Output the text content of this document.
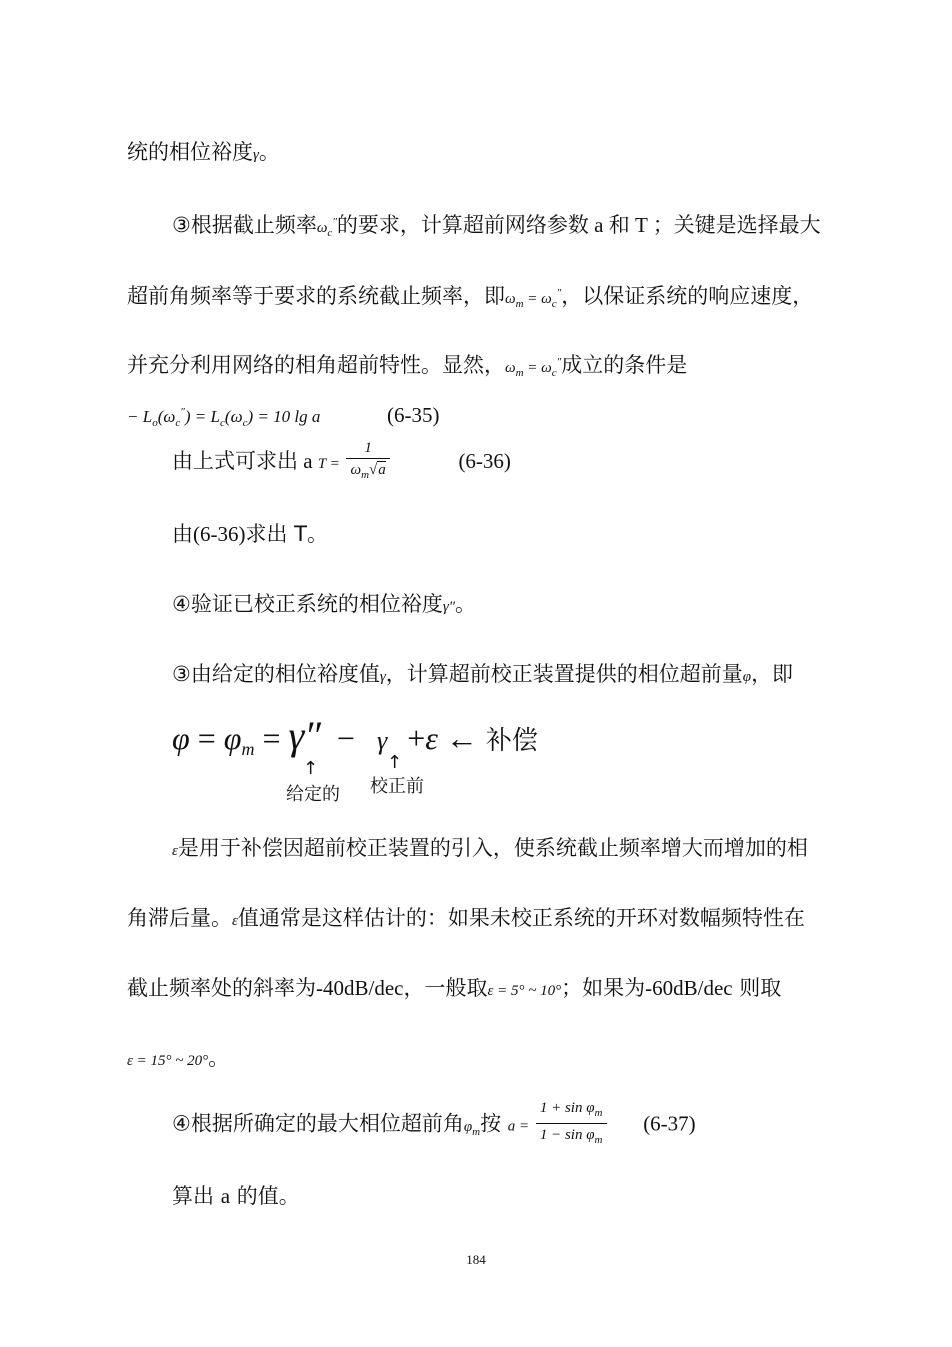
统的相位裕度γ。
③根据截止频率$\omega_c''$的要求，计算超前网络参数 a 和 T ；关键是选择最大
超前角频率等于要求的系统截止频率，即$\omega_m = \omega_c''$，以保证系统的响应速度，
并充分利用网络的相角超前特性。显然，$\omega_m = \omega_c''$成立的条件是
− $L_o(\omega_c'') = L_c(\omega_c) = 10$ lg a	(6-35)
由上式可求出 a $T = \frac{1}{\omega_m√a}$	(6-36)
由(6-36)求出 T。
④验证已校正系统的相位裕度γ″。
③由给定的相位裕度值γ，计算超前校正装置提供的相位超前量φ，即
φ = φm = γ″ − γ +ε ← 补偿
↑	↑
给定的 校正前
ε是用于补偿因超前校正装置的引入，使系统截止频率增大而增加的相
角滞后量。ε值通常是这样估计的：如果未校正系统的开环对数幅频特性在
截止频率处的斜率为-40dB/dec，一般取ε = 5° ~ 10°；如果为-60dB/dec 则取
ε = 15° ~ 20°。
④根据所确定的最大相位超前角$\varphi_m$按 $a = \frac{1 + \sin \varphi_m}{1 - \sin \varphi_m} (6-37)$
算出 a 的值。
184
